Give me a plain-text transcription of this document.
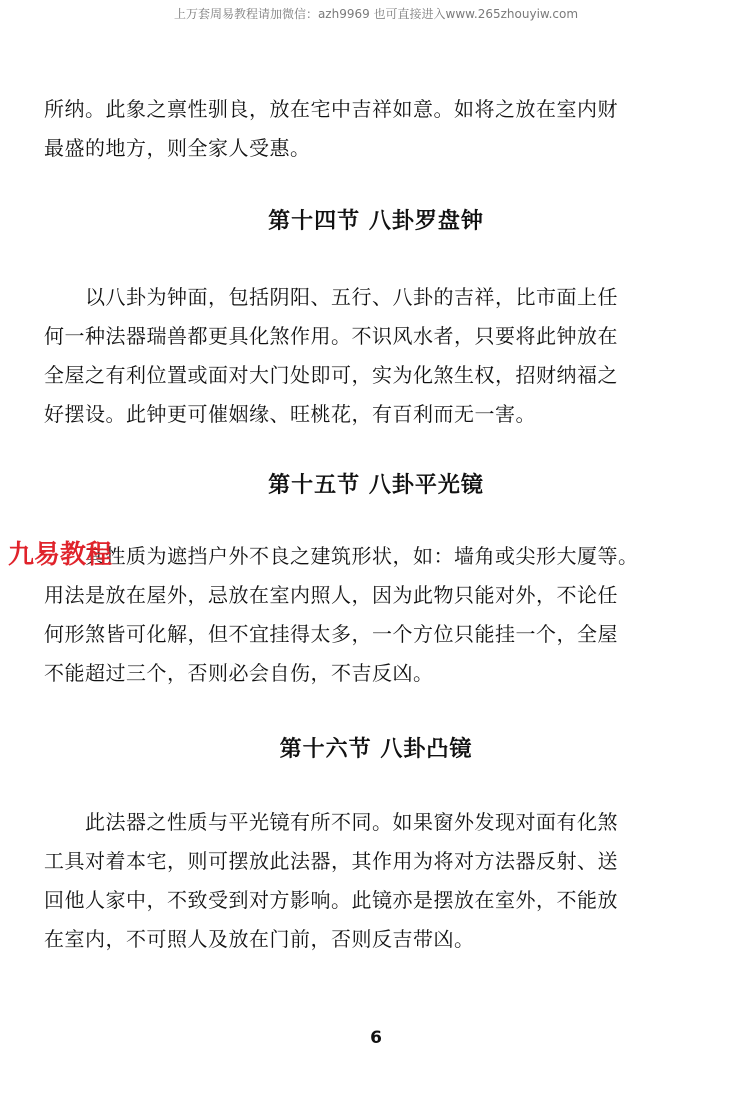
上万套周易教程请加微信：azh9969 也可直接进入www.265zhouyiw.com

所纳。此象之禀性驯良，放在宅中吉祥如意。如将之放在室内财
最盛的地方，则全家人受惠。

第十四节 八卦罗盘钟

以八卦为钟面，包括阴阳、五行、八卦的吉祥，比市面上任
何一种法器瑞兽都更具化煞作用。不识风水者，只要将此钟放在
全屋之有利位置或面对大门处即可，实为化煞生权，招财纳福之
好摆设。此钟更可催姻缘、旺桃花，有百利而无一害。

第十五节 八卦平光镜

其性质为遮挡户外不良之建筑形状，如：墙角或尖形大厦等。
用法是放在屋外，忌放在室内照人，因为此物只能对外，不论任
何形煞皆可化解，但不宜挂得太多，一个方位只能挂一个，全屋
不能超过三个，否则必会自伤，不吉反凶。

九易教程
第十六节 八卦凸镜

此法器之性质与平光镜有所不同。如果窗外发现对面有化煞
工具对着本宅，则可摆放此法器，其作用为将对方法器反射、送
回他人家中，不致受到对方影响。此镜亦是摆放在室外，不能放
在室内，不可照人及放在门前，否则反吉带凶。

6
